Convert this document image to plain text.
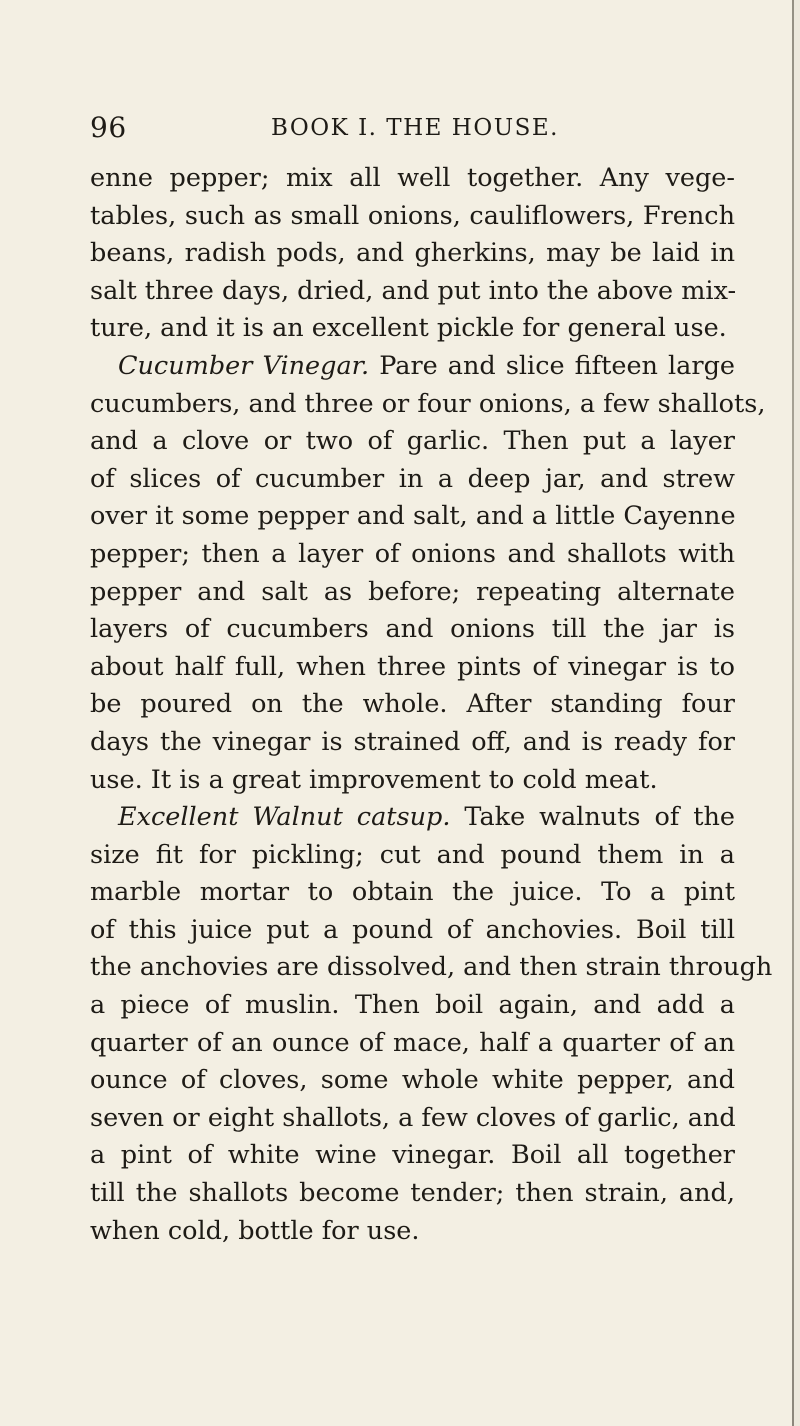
96	BOOK I. THE HOUSE.
enne pepper; mix all well together. Any vege-
tables, such as small onions, cauliflowers, French
beans, radish pods, and gherkins, may be laid in
salt three days, dried, and put into the above mix-
ture, and it is an excellent pickle for general use.
Cucumber Vinegar. Pare and slice fifteen large
cucumbers, and three or four onions, a few shallots,
and a clove or two of garlic. Then put a layer
of slices of cucumber in a deep jar, and strew
over it some pepper and salt, and a little Cayenne
pepper; then a layer of onions and shallots with
pepper and salt as before; repeating alternate
layers of cucumbers and onions till the jar is
about half full, when three pints of vinegar is to
be poured on the whole. After standing four
days the vinegar is strained off, and is ready for
use. It is a great improvement to cold meat.
Excellent Walnut catsup. Take walnuts of the
size fit for pickling; cut and pound them in a
marble mortar to obtain the juice. To a pint
of this juice put a pound of anchovies. Boil till
the anchovies are dissolved, and then strain through
a piece of muslin. Then boil again, and add a
quarter of an ounce of mace, half a quarter of an
ounce of cloves, some whole white pepper, and
seven or eight shallots, a few cloves of garlic, and
a pint of white wine vinegar. Boil all together
till the shallots become tender; then strain, and,
when cold, bottle for use.
